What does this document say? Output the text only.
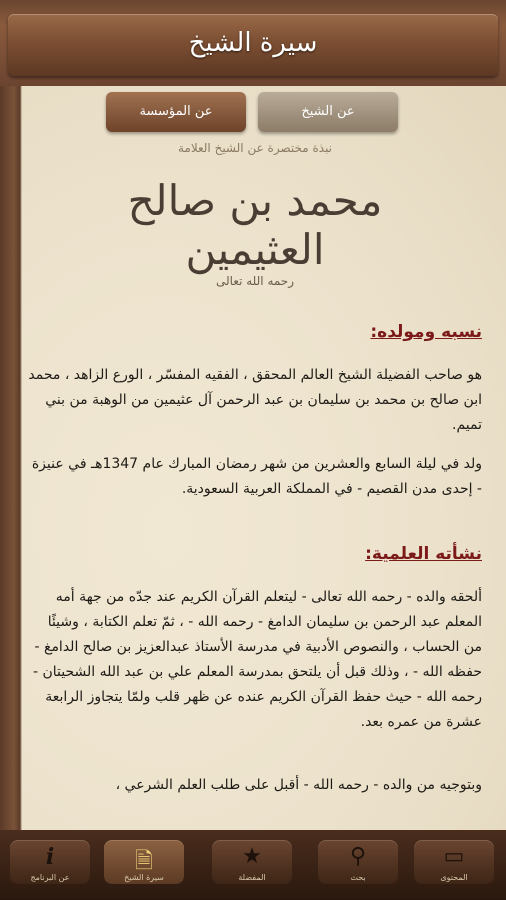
سيرة الشيخ
عن المؤسسة	عن الشيخ
نبذة مختصرة عن الشيخ العلامة
محمد بن صالح العثيمين
رحمه الله تعالى
نسبه ومولده:
هو صاحب الفضيلة الشيخ العالم المحقق ، الفقيه المفسّر ، الورع الزاهد ، محمد ابن صالح بن محمد بن سليمان بن عبد الرحمن آل عثيمين من الوهبة من بني تميم.
ولد في ليلة السابع والعشرين من شهر رمضان المبارك عام 1347هـ في عنيزة - إحدى مدن القصيم - في المملكة العربية السعودية.
نشأته العلمية:
ألحقه والده - رحمه الله تعالى - ليتعلم القرآن الكريم عند جدّه من جهة أمه المعلم عبد الرحمن بن سليمان الدامغ - رحمه الله - ، ثمّ تعلم الكتابة ، وشيئًا من الحساب ، والنصوص الأدبية في مدرسة الأستاذ عبدالعزيز بن صالح الدامغ - حفظه الله - ، وذلك قبل أن يلتحق بمدرسة المعلم علي بن عبد الله الشحيتان - رحمه الله - حيث حفظ القرآن الكريم عنده عن ظهر قلب ولمّا يتجاوز الرابعة عشرة من عمره بعد.
وبتوجيه من والده - رحمه الله - أقبل على طلب العلم الشرعي ،
i
عن البرنامج
🗎
سيرة الشيخ
★
المفضلة
⚲
بحث
▭
المحتوى
